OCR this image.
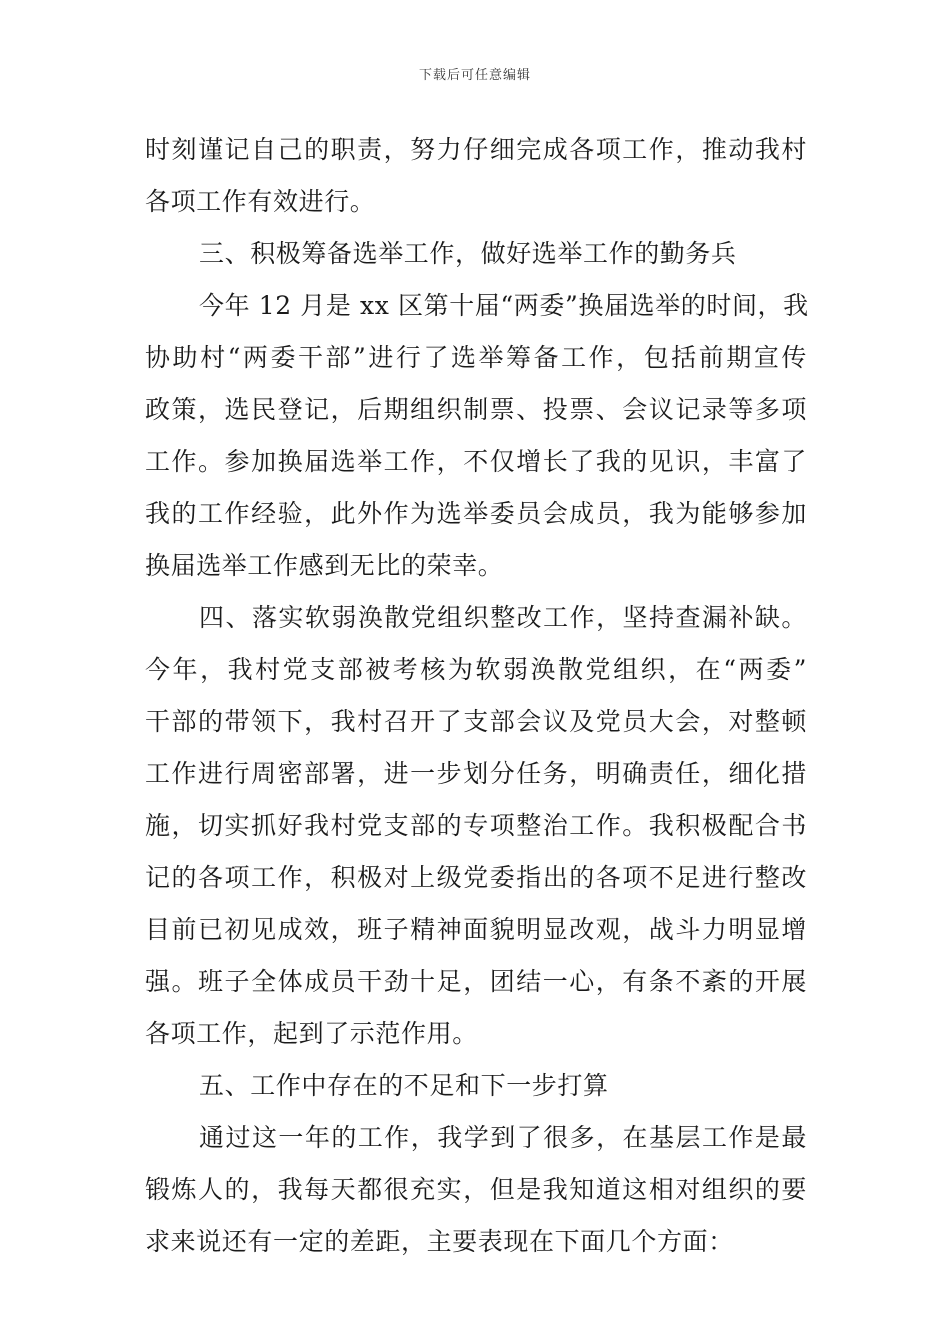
下载后可任意编辑
时刻谨记自己的职责，努力仔细完成各项工作，推动我村
各项工作有效进行。
三、积极筹备选举工作，做好选举工作的勤务兵
今年 12 月是 xx 区第十届“两委”换届选举的时间，我
协助村“两委干部”进行了选举筹备工作，包括前期宣传
政策，选民登记，后期组织制票、投票、会议记录等多项
工作。参加换届选举工作，不仅增长了我的见识，丰富了
我的工作经验，此外作为选举委员会成员，我为能够参加
换届选举工作感到无比的荣幸。
四、落实软弱涣散党组织整改工作，坚持查漏补缺。
今年，我村党支部被考核为软弱涣散党组织，在“两委”
干部的带领下，我村召开了支部会议及党员大会，对整顿
工作进行周密部署，进一步划分任务，明确责任，细化措
施，切实抓好我村党支部的专项整治工作。我积极配合书
记的各项工作，积极对上级党委指出的各项不足进行整改
目前已初见成效，班子精神面貌明显改观，战斗力明显增
强。班子全体成员干劲十足，团结一心，有条不紊的开展
各项工作，起到了示范作用。
五、工作中存在的不足和下一步打算
通过这一年的工作，我学到了很多，在基层工作是最
锻炼人的，我每天都很充实，但是我知道这相对组织的要
求来说还有一定的差距，主要表现在下面几个方面：
